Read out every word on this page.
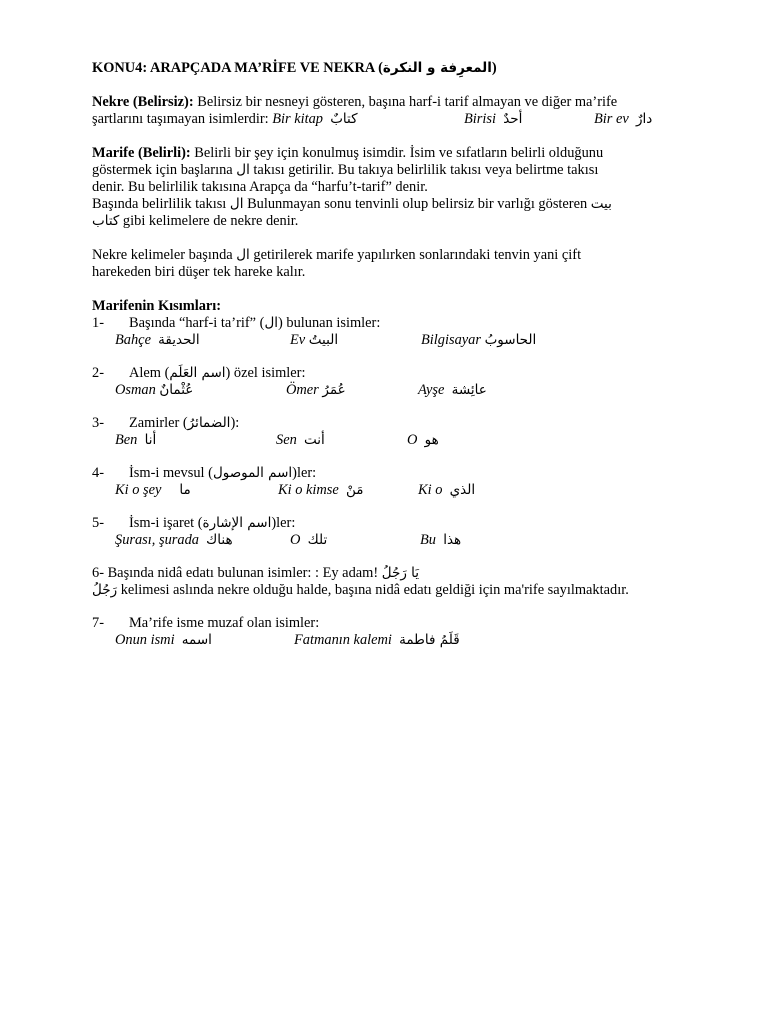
KONU4: ARAPÇADA MA’RİFE VE NEKRA (المعرِفة و النكرة)
Nekre (Belirsiz): Belirsiz bir nesneyi gösteren, başına harf-i tarif almayan ve diğer ma’rife
şartlarını taşımayan isimlerdir: Bir kitap كتابٌ	Birisi أحدٌ	Bir ev دارٌ
Marife (Belirli): Belirli bir şey için konulmuş isimdir. İsim ve sıfatların belirli olduğunu
göstermek için başlarına ال takısı getirilir. Bu takıya belirlilik takısı veya belirtme takısı
denir. Bu belirlilik takısına Arapça da “harfu’t-tarif” denir.
Başında belirlilik takısı ال Bulunmayan sonu tenvinli olup belirsiz bir varlığı gösteren بيت
كتاب gibi kelimelere de nekre denir.
Nekre kelimeler başında ال getirilerek marife yapılırken sonlarındaki tenvin yani çift
harekeden biri düşer tek hareke kalır.
Marifenin Kısımları:
1- Başında “harf-i ta’rif” (ال) bulunan isimler:
Bahçe الحديقة	Ev البيتُ	Bilgisayar الحاسوبُ
2- Alem (اسم العَلَم) özel isimler:
Osman عُثْمانٌ	Ömer عُمَرُ	Ayşe عائِشة
3- Zamirler (الضمائرُ):
Ben أنا	Sen أنت	O هو
4- İsm-i mevsul (اسم الموصول)ler:
Ki o şey ما	Ki o kimse مَنْ	Ki o الذي
5- İsm-i işaret (اسم الإشارة)ler:
Şurası, şurada هناك	O تلك	Bu هذا
6- Başında nidâ edatı bulunan isimler: : Ey adam! يَا رَجُلُ
رَجُلُ kelimesi aslında nekre olduğu halde, başına nidâ edatı geldiği için ma'rife sayılmaktadır.
7- Ma’rife isme muzaf olan isimler:
Onun ismi اسمه	Fatmanın kalemi قَلَمُ فاطمة
